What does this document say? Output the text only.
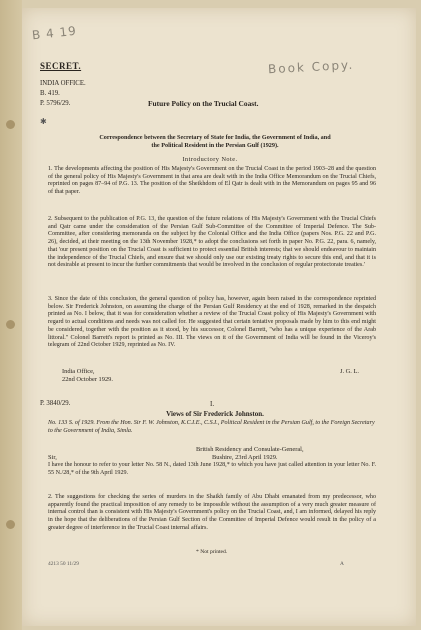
B 4 19
Book Copy.
SECRET.
INDIA OFFICE.
B. 419.
P. 5796/29.	Future Policy on the Trucial Coast.
✱
Correspondence between the Secretary of State for India, the Government of India, and
the Political Resident in the Persian Gulf (1929).
Introductory Note.
1. The developments affecting the position of His Majesty's Government on the Trucial Coast in the period 1903–28 and the question of the general policy of His Majesty's Government in that area are dealt with in the India Office Memorandum on the Trucial Chiefs, reprinted on pages 87–94 of P.G. 13. The position of the Sheikhdom of El Qatr is dealt with in the Memorandum on pages 95 and 96 of that paper.
2. Subsequent to the publication of P.G. 13, the question of the future relations of His Majesty's Government with the Trucial Chiefs and Qatr came under the consideration of the Persian Gulf Sub-Committee of the Committee of Imperial Defence. The Sub-Committee, after considering memoranda on the subject by the Colonial Office and the India Office (papers Nos. P.G. 22 and P.G. 26), decided, at their meeting on the 13th November 1928,* to adopt the conclusions set forth in paper No. P.G. 22, para. 6, namely, that 'our present position on the Trucial Coast is sufficient to protect essential British interests; that we should endeavour to maintain the independence of the Trucial Chiefs, and ensure that we should only use our existing treaty rights to secure this end, and that it is not desirable at present to incur the further commitments that would be involved in the conclusion of regular protectorate treaties.'
3. Since the date of this conclusion, the general question of policy has, however, again been raised in the correspondence reprinted below. Sir Frederick Johnston, on assuming the charge of the Persian Gulf Residency at the end of 1928, remarked in the despatch printed as No. I below, that it was for consideration whether a review of the Trucial Coast policy of His Majesty's Government with regard to actual conditions and needs was not called for. He suggested that certain tentative proposals made by him to this end might be considered, together with the position as it stood, by his successor, Colonel Barrett, "who has a unique experience of the Arab littoral." Colonel Barrett's report is printed as No. III. The views on it of the Government of India will be found in the Viceroy's telegram of 22nd October 1929, reprinted as No. IV.
India Office,
22nd October 1929.
J. G. L.
P. 3840/29.	I.
Views of Sir Frederick Johnston.
No. 133 S. of 1929. From the Hon. Sir F. W. Johnston, K.C.I.E., C.S.I., Political Resident in the Persian Gulf, to the Foreign Secretary to the Government of India, Simla.
British Residency and Consulate-General,
Bushire, 23rd April 1929.
Sir,
I have the honour to refer to your letter No. 58 N., dated 13th June 1928,* to which you have just called attention in your letter No. F. 55 N./28,* of the 9th April 1929.
2. The suggestions for checking the series of murders in the Shaikh family of Abu Dhabi emanated from my predecessor, who apparently found the practical imposition of any remedy to be impossible without the assumption of a very much greater measure of internal control than is consistent with His Majesty's Government's policy on the Trucial Coast, and, I am informed, delayed his reply in the hope that the deliberations of the Persian Gulf Section of the Committee of Imperial Defence would result in the policy of a greater degree of interference in the Trucial Coast internal affairs.
* Not printed.
4213 50 11/29	A
